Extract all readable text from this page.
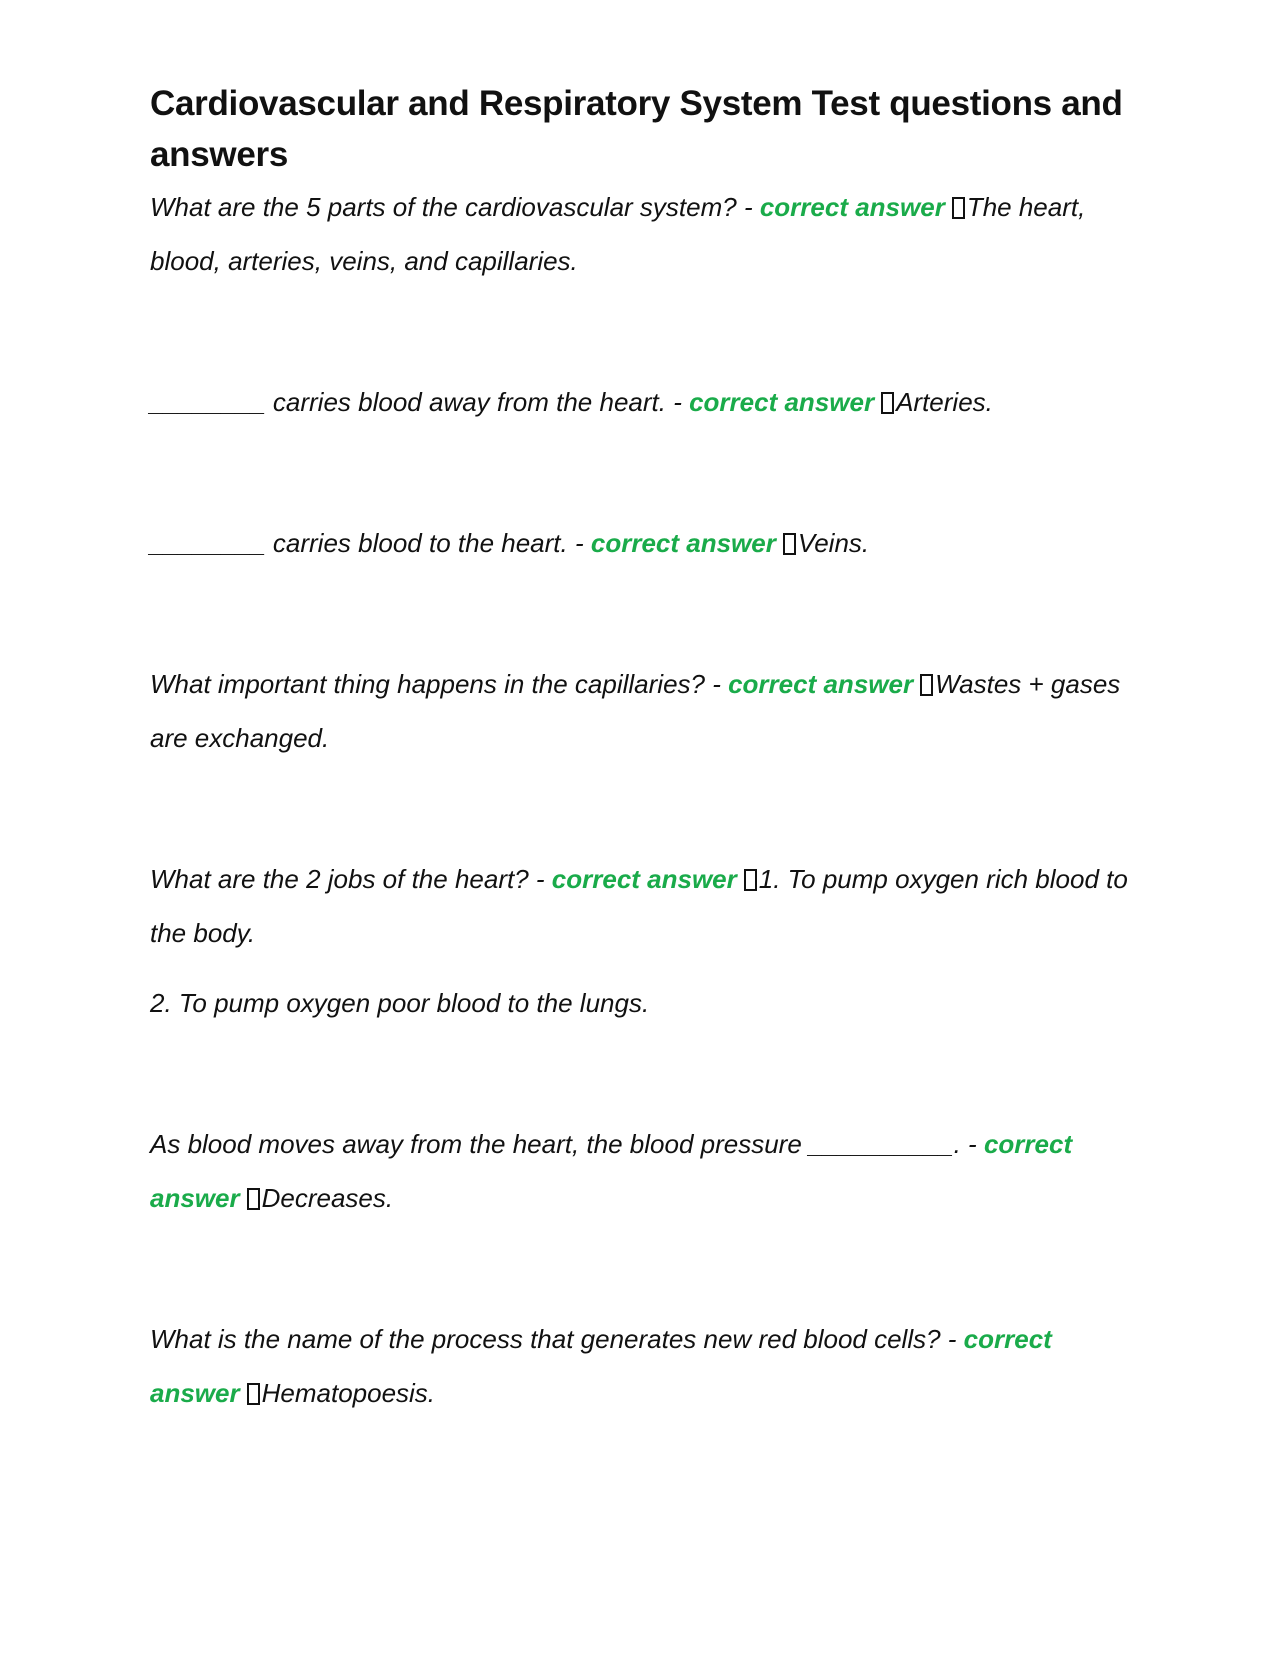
Cardiovascular and Respiratory System Test questions and answers

What are the 5 parts of the cardiovascular system? - correct answer The heart, blood, arteries, veins, and capillaries.

________ carries blood away from the heart. - correct answer Arteries.

________ carries blood to the heart. - correct answer Veins.

What important thing happens in the capillaries? - correct answer Wastes + gases are exchanged.

What are the 2 jobs of the heart? - correct answer 1. To pump oxygen rich blood to the body.

2. To pump oxygen poor blood to the lungs.

As blood moves away from the heart, the blood pressure __________. - correct answer Decreases.

What is the name of the process that generates new red blood cells? - correct answer Hematopoesis.
